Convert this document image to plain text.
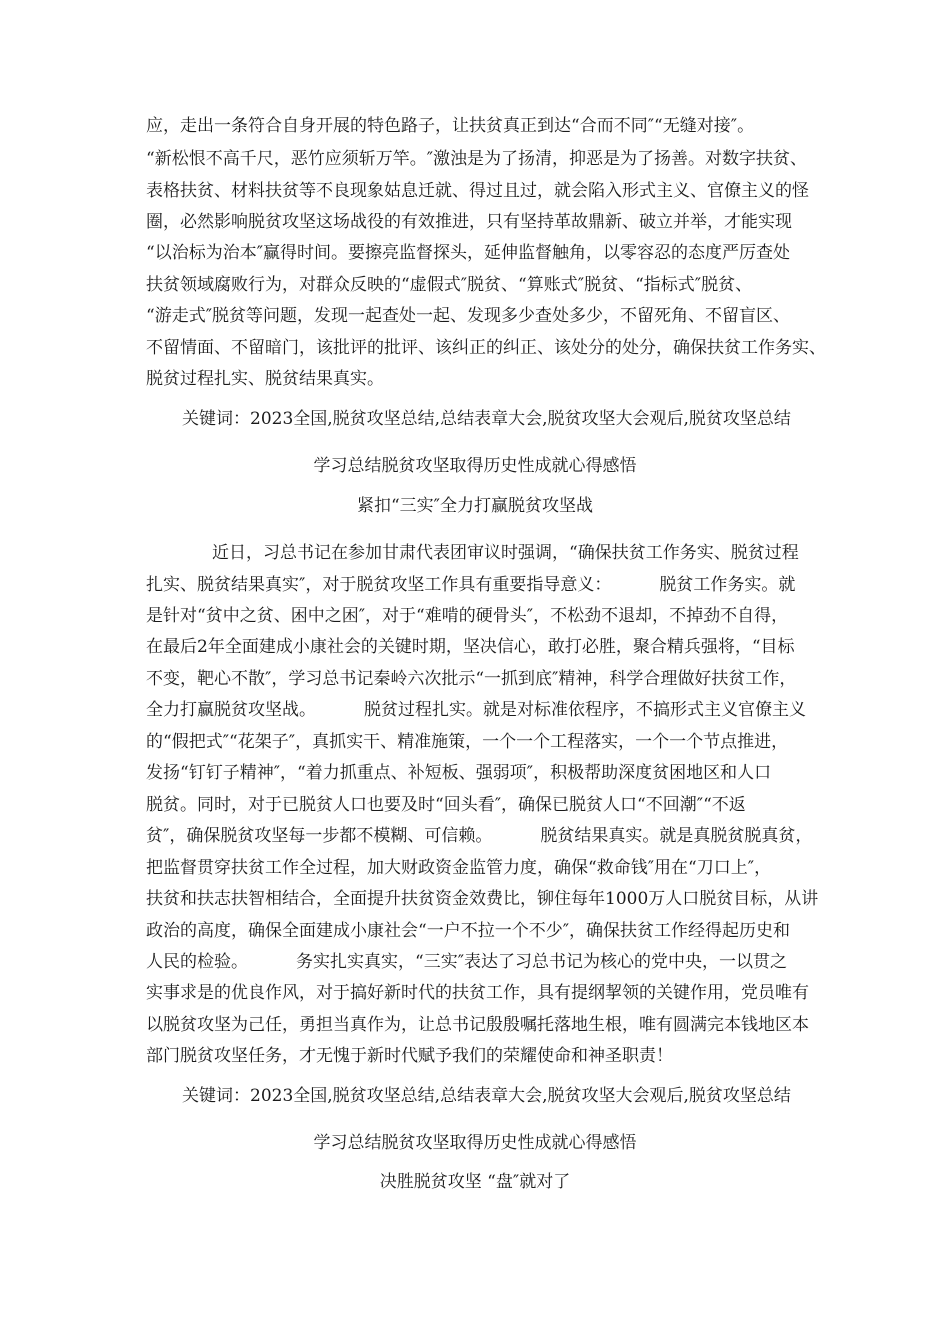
应，走出一条符合自身开展的特色路子，让扶贫真正到达“合而不同″“无缝对接″。
“新松恨不高千尺，恶竹应须斩万竿。″激浊是为了扬清，抑恶是为了扬善。对数字扶贫、
表格扶贫、材料扶贫等不良现象姑息迁就、得过且过，就会陷入形式主义、官僚主义的怪
圈，必然影响脱贫攻坚这场战役的有效推进，只有坚持革故鼎新、破立并举，才能实现
“以治标为治本″赢得时间。要擦亮监督探头，延伸监督触角，以零容忍的态度严厉查处
扶贫领域腐败行为，对群众反映的“虚假式″脱贫、“算账式″脱贫、“指标式″脱贫、
“游走式″脱贫等问题，发现一起查处一起、发现多少查处多少，不留死角、不留盲区、
不留情面、不留暗门，该批评的批评、该纠正的纠正、该处分的处分，确保扶贫工作务实、
脱贫过程扎实、脱贫结果真实。
关键词：2023全国,脱贫攻坚总结,总结表章大会,脱贫攻坚大会观后,脱贫攻坚总结
学习总结脱贫攻坚取得历史性成就心得感悟
紧扣“三实″全力打赢脱贫攻坚战
近日，习总书记在参加甘肃代表团审议时强调，“确保扶贫工作务实、脱贫过程
扎实、脱贫结果真实″，对于脱贫攻坚工作具有重要指导意义：	脱贫工作务实。就
是针对“贫中之贫、困中之困″，对于“难啃的硬骨头″，不松劲不退却，不掉劲不自得，
在最后2年全面建成小康社会的关键时期，坚决信心，敢打必胜，聚合精兵强将，“目标
不变，靶心不散″，学习总书记秦岭六次批示“一抓到底″精神，科学合理做好扶贫工作，
全力打赢脱贫攻坚战。	脱贫过程扎实。就是对标准依程序，不搞形式主义官僚主义
的“假把式″“花架子″，真抓实干、精准施策，一个一个工程落实，一个一个节点推进，
发扬“钉钉子精神″，“着力抓重点、补短板、强弱项″，积极帮助深度贫困地区和人口
脱贫。同时，对于已脱贫人口也要及时“回头看″，确保已脱贫人口“不回潮″“不返
贫″，确保脱贫攻坚每一步都不模糊、可信赖。	脱贫结果真实。就是真脱贫脱真贫，
把监督贯穿扶贫工作全过程，加大财政资金监管力度，确保“救命钱″用在“刀口上″，
扶贫和扶志扶智相结合，全面提升扶贫资金效费比，铆住每年1000万人口脱贫目标，从讲
政治的高度，确保全面建成小康社会“一户不拉一个不少″，确保扶贫工作经得起历史和
人民的检验。	务实扎实真实，“三实″表达了习总书记为核心的党中央，一以贯之
实事求是的优良作风，对于搞好新时代的扶贫工作，具有提纲挈领的关键作用，党员唯有
以脱贫攻坚为己任，勇担当真作为，让总书记殷殷嘱托落地生根，唯有圆满完本钱地区本
部门脱贫攻坚任务，才无愧于新时代赋予我们的荣耀使命和神圣职责！
关键词：2023全国,脱贫攻坚总结,总结表章大会,脱贫攻坚大会观后,脱贫攻坚总结
学习总结脱贫攻坚取得历史性成就心得感悟
决胜脱贫攻坚 “盘″就对了
